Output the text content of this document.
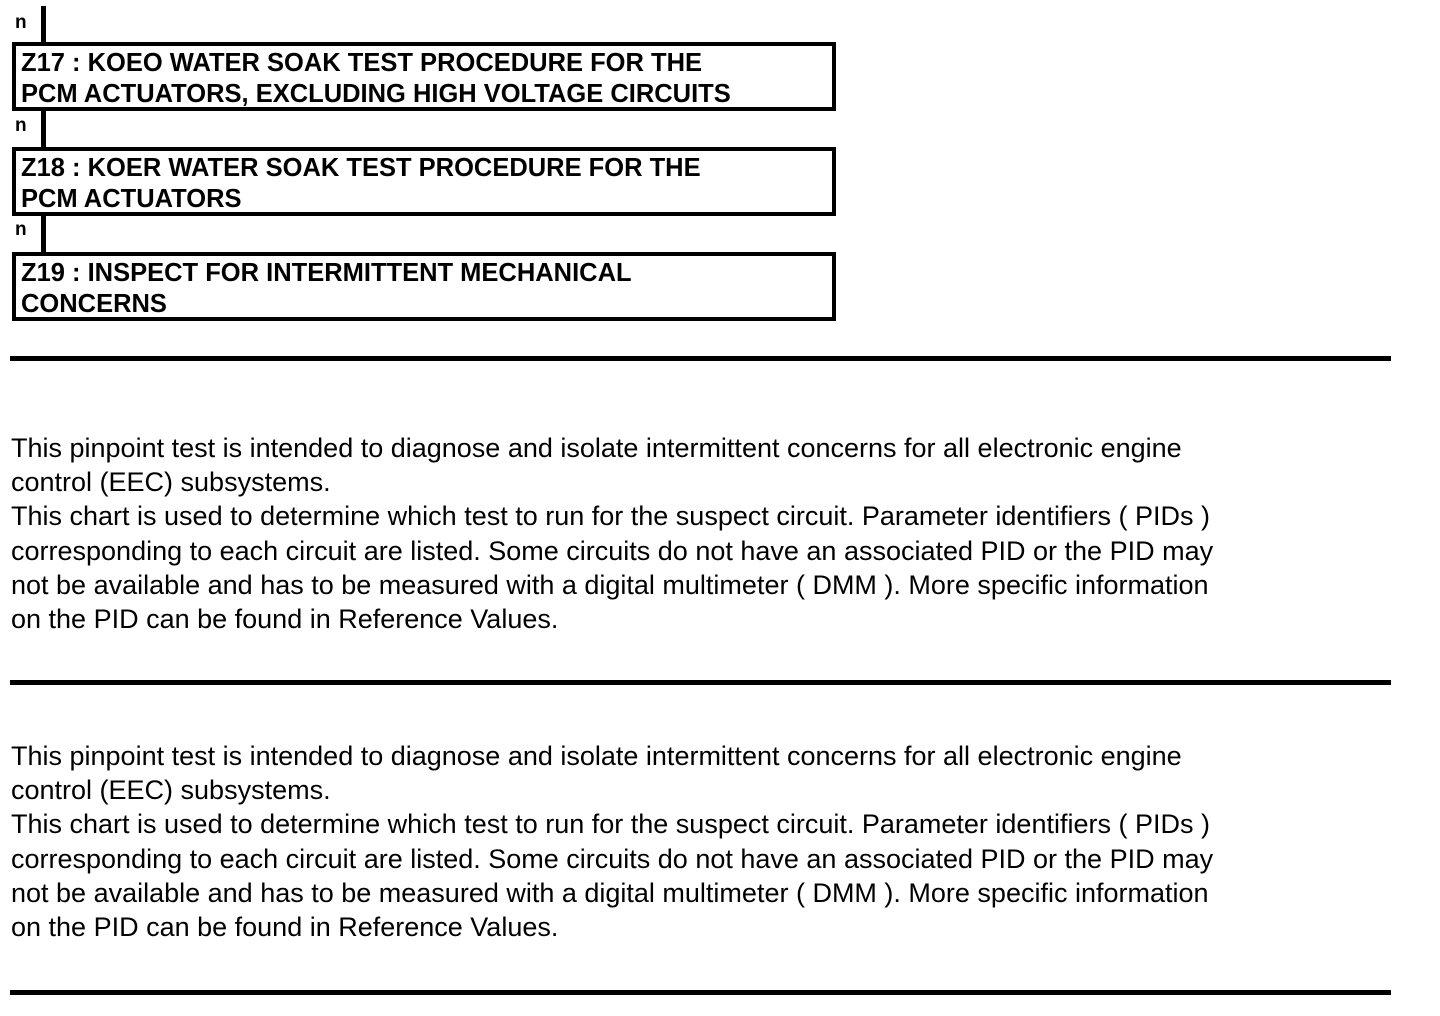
n
Z17 : KOEO WATER SOAK TEST PROCEDURE FOR THE
PCM ACTUATORS, EXCLUDING HIGH VOLTAGE CIRCUITS
n
Z18 : KOER WATER SOAK TEST PROCEDURE FOR THE
PCM ACTUATORS
n
Z19 : INSPECT FOR INTERMITTENT MECHANICAL
CONCERNS
This pinpoint test is intended to diagnose and isolate intermittent concerns for all electronic engine
control (EEC) subsystems.
This chart is used to determine which test to run for the suspect circuit. Parameter identifiers ( PIDs )
corresponding to each circuit are listed. Some circuits do not have an associated PID or the PID may
not be available and has to be measured with a digital multimeter ( DMM ). More specific information
on the PID can be found in Reference Values.
This pinpoint test is intended to diagnose and isolate intermittent concerns for all electronic engine
control (EEC) subsystems.
This chart is used to determine which test to run for the suspect circuit. Parameter identifiers ( PIDs )
corresponding to each circuit are listed. Some circuits do not have an associated PID or the PID may
not be available and has to be measured with a digital multimeter ( DMM ). More specific information
on the PID can be found in Reference Values.
